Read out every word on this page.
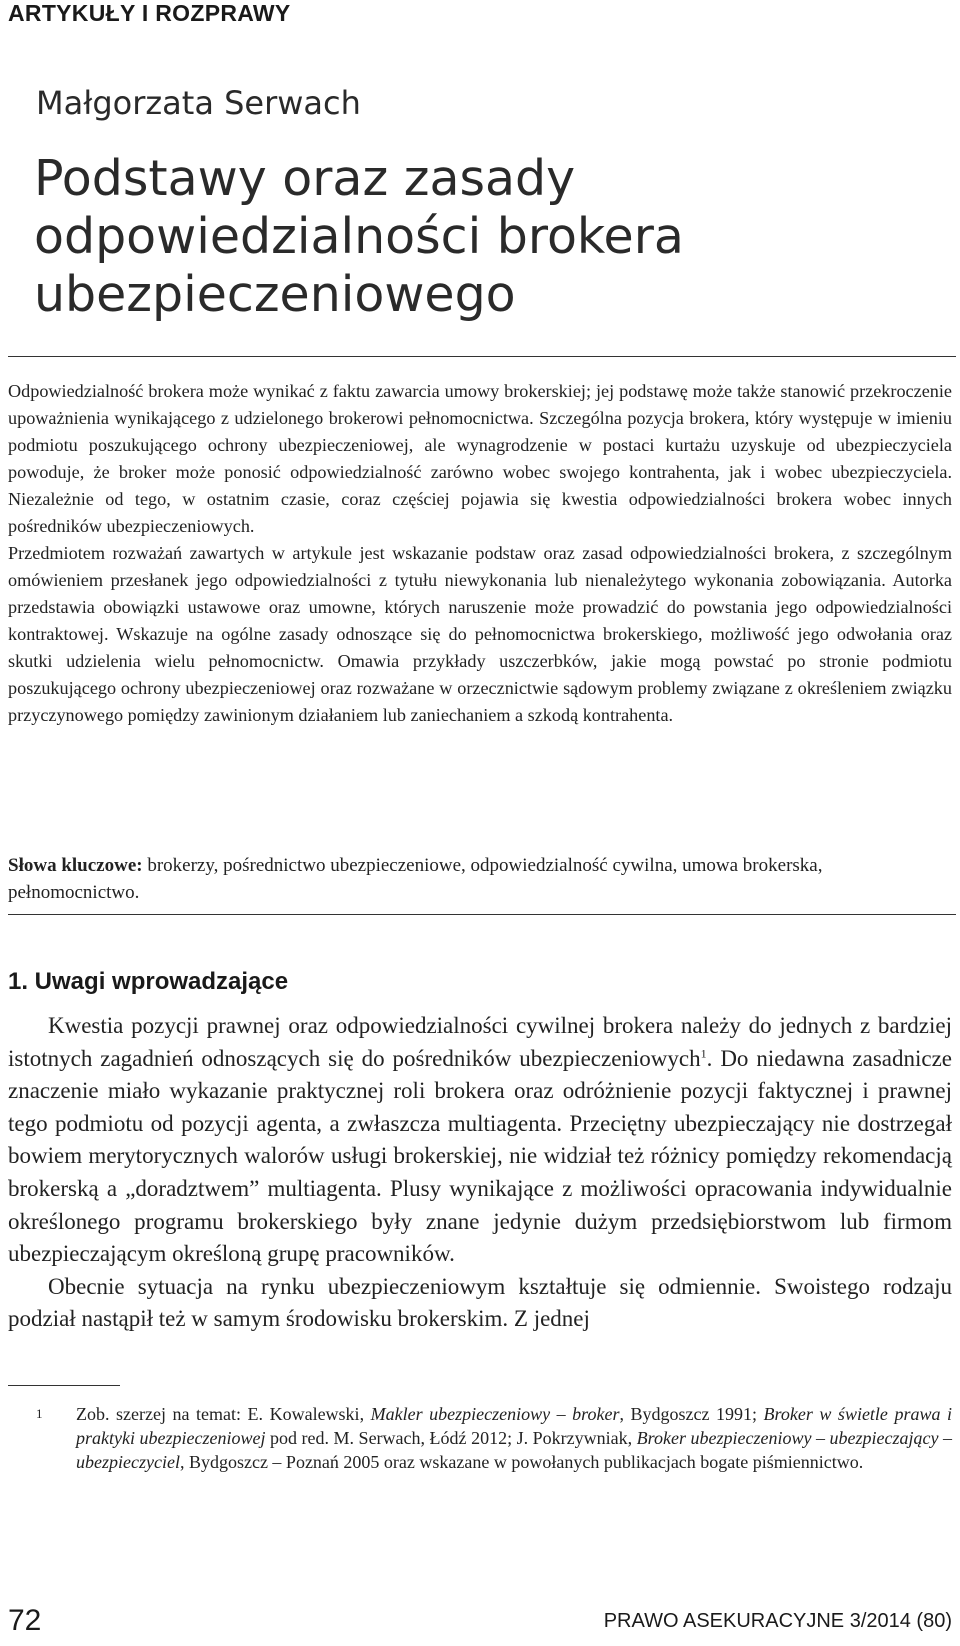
ARTYKUŁY I ROZPRAWY
Małgorzata Serwach
Podstawy oraz zasady
odpowiedzialności brokera
ubezpieczeniowego

Odpowiedzialność brokera może wynikać z faktu zawarcia umowy brokerskiej; jej podstawę może także stanowić przekroczenie upoważnienia wynikającego z udzielonego brokerowi pełnomocnictwa. Szczególna pozycja brokera, który występuje w imieniu podmiotu poszukującego ochrony ubezpieczeniowej, ale wynagrodzenie w postaci kurtażu uzyskuje od ubezpieczyciela powoduje, że broker może ponosić odpowiedzialność zarówno wobec swojego kontrahenta, jak i wobec ubezpieczyciela. Niezależnie od tego, w ostatnim czasie, coraz częściej pojawia się kwestia odpowiedzialności brokera wobec innych pośredników ubezpieczeniowych.

Przedmiotem rozważań zawartych w artykule jest wskazanie podstaw oraz zasad odpowiedzialności brokera, z szczególnym omówieniem przesłanek jego odpowiedzialności z tytułu niewykonania lub nienależytego wykonania zobowiązania. Autorka przedstawia obowiązki ustawowe oraz umowne, których naruszenie może prowadzić do powstania jego odpowiedzialności kontraktowej. Wskazuje na ogólne zasady odnoszące się do pełnomocnictwa brokerskiego, możliwość jego odwołania oraz skutki udzielenia wielu pełnomocnictw. Omawia przykłady uszczerbków, jakie mogą powstać po stronie podmiotu poszukującego ochrony ubezpieczeniowej oraz rozważane w orzecznictwie sądowym problemy związane z określeniem związku przyczynowego pomiędzy zawinionym działaniem lub zaniechaniem a szkodą kontrahenta.

Słowa kluczowe: brokerzy, pośrednictwo ubezpieczeniowe, odpowiedzialność cywilna, umowa brokerska, pełnomocnictwo.
1. Uwagi wprowadzające

Kwestia pozycji prawnej oraz odpowiedzialności cywilnej brokera należy do jednych z bardziej istotnych zagadnień odnoszących się do pośredników ubezpieczeniowych$^1$. Do niedawna zasadnicze znaczenie miało wykazanie praktycznej roli brokera oraz odróżnienie pozycji faktycznej i prawnej tego podmiotu od pozycji agenta, a zwłaszcza multiagenta. Przeciętny ubezpieczający nie dostrzegał bowiem merytorycznych walorów usługi brokerskiej, nie widział też różnicy pomiędzy rekomendacją brokerską a „doradztwem” multiagenta. Plusy wynikające z możliwości opracowania indywidualnie określonego programu brokerskiego były znane jedynie dużym przedsiębiorstwom lub firmom ubezpieczającym określoną grupę pracowników.

Obecnie sytuacja na rynku ubezpieczeniowym kształtuje się odmiennie. Swoistego rodzaju podział nastąpił też w samym środowisku brokerskim. Z jednej

1 Zob. szerzej na temat: E. Kowalewski, Makler ubezpieczeniowy – broker, Bydgoszcz 1991; Broker w świetle prawa i praktyki ubezpieczeniowej pod red. M. Serwach, Łódź 2012; J. Pokrzywniak, Broker ubezpieczeniowy – ubezpieczający – ubezpieczyciel, Bydgoszcz – Poznań 2005 oraz wskazane w powołanych publikacjach bogate piśmiennictwo.
72	PRAWO ASEKURACYJNE 3/2014 (80)
